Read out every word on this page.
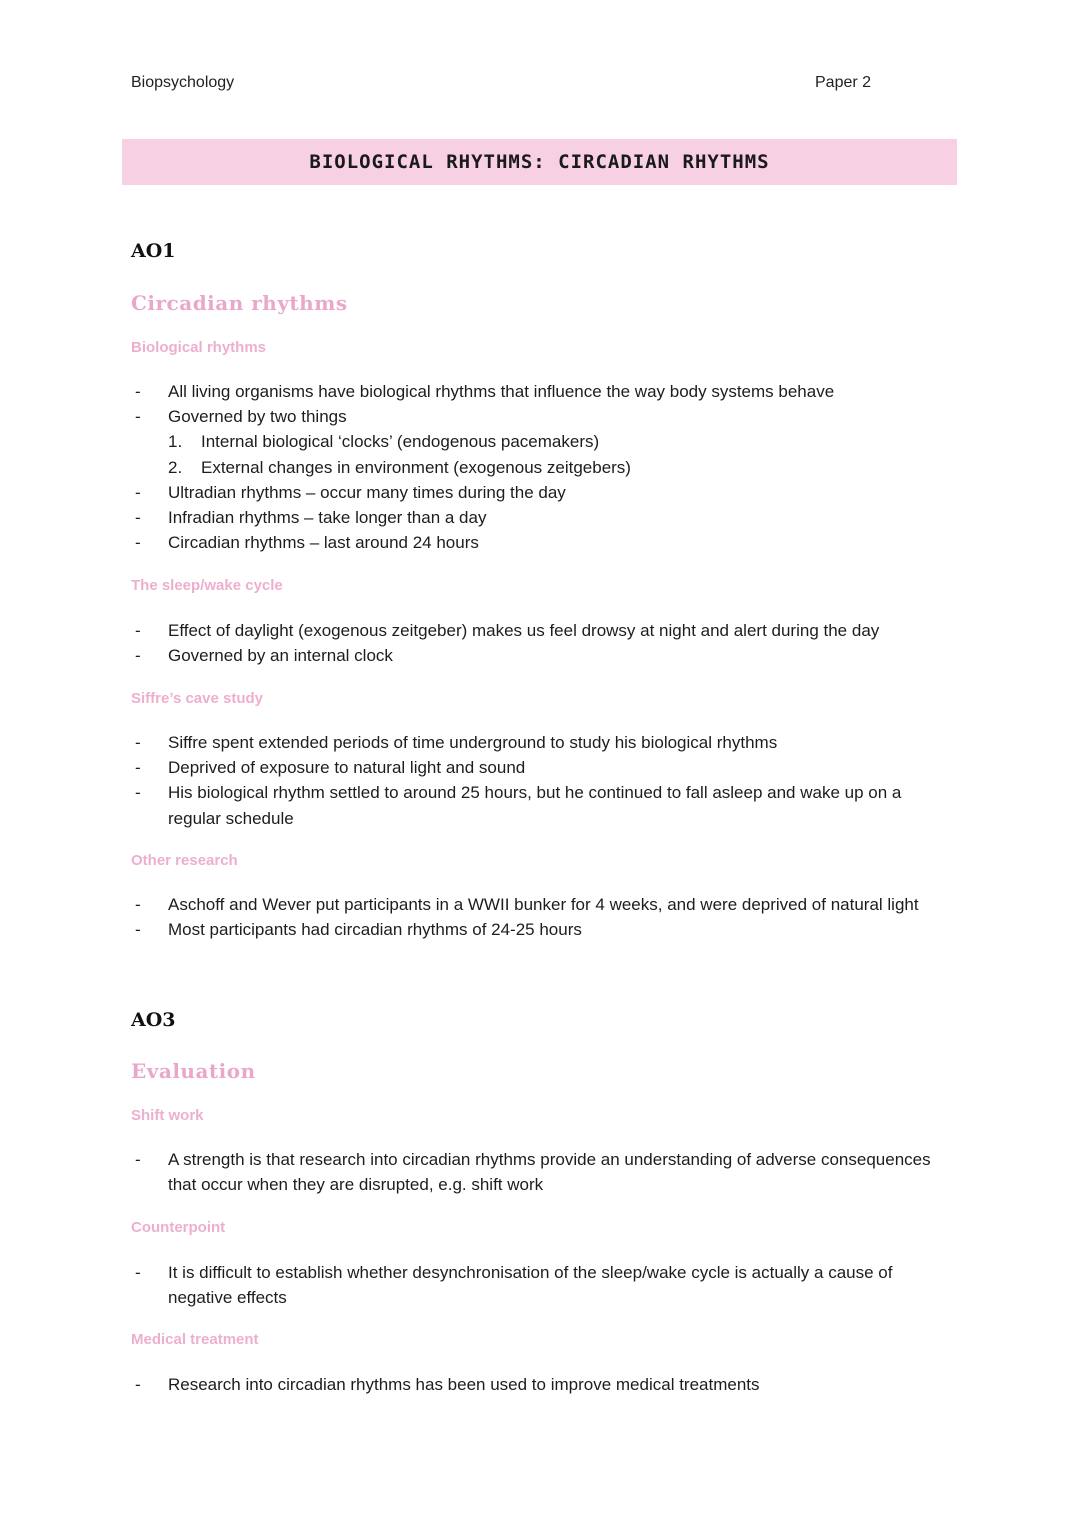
Biopsychology	Paper 2
BIOLOGICAL RHYTHMS: CIRCADIAN RHYTHMS
AO1
Circadian rhythms
Biological rhythms
- All living organisms have biological rhythms that influence the way body systems behave
- Governed by two things
1. Internal biological ‘clocks’ (endogenous pacemakers)
2. External changes in environment (exogenous zeitgebers)
- Ultradian rhythms – occur many times during the day
- Infradian rhythms – take longer than a day
- Circadian rhythms – last around 24 hours
The sleep/wake cycle
- Effect of daylight (exogenous zeitgeber) makes us feel drowsy at night and alert during the day
- Governed by an internal clock
Siffre’s cave study
- Siffre spent extended periods of time underground to study his biological rhythms
- Deprived of exposure to natural light and sound
- His biological rhythm settled to around 25 hours, but he continued to fall asleep and wake up on a regular schedule
Other research
- Aschoff and Wever put participants in a WWII bunker for 4 weeks, and were deprived of natural light
- Most participants had circadian rhythms of 24-25 hours
AO3
Evaluation
Shift work
- A strength is that research into circadian rhythms provide an understanding of adverse consequences that occur when they are disrupted, e.g. shift work
Counterpoint
- It is difficult to establish whether desynchronisation of the sleep/wake cycle is actually a cause of negative effects
Medical treatment
- Research into circadian rhythms has been used to improve medical treatments
